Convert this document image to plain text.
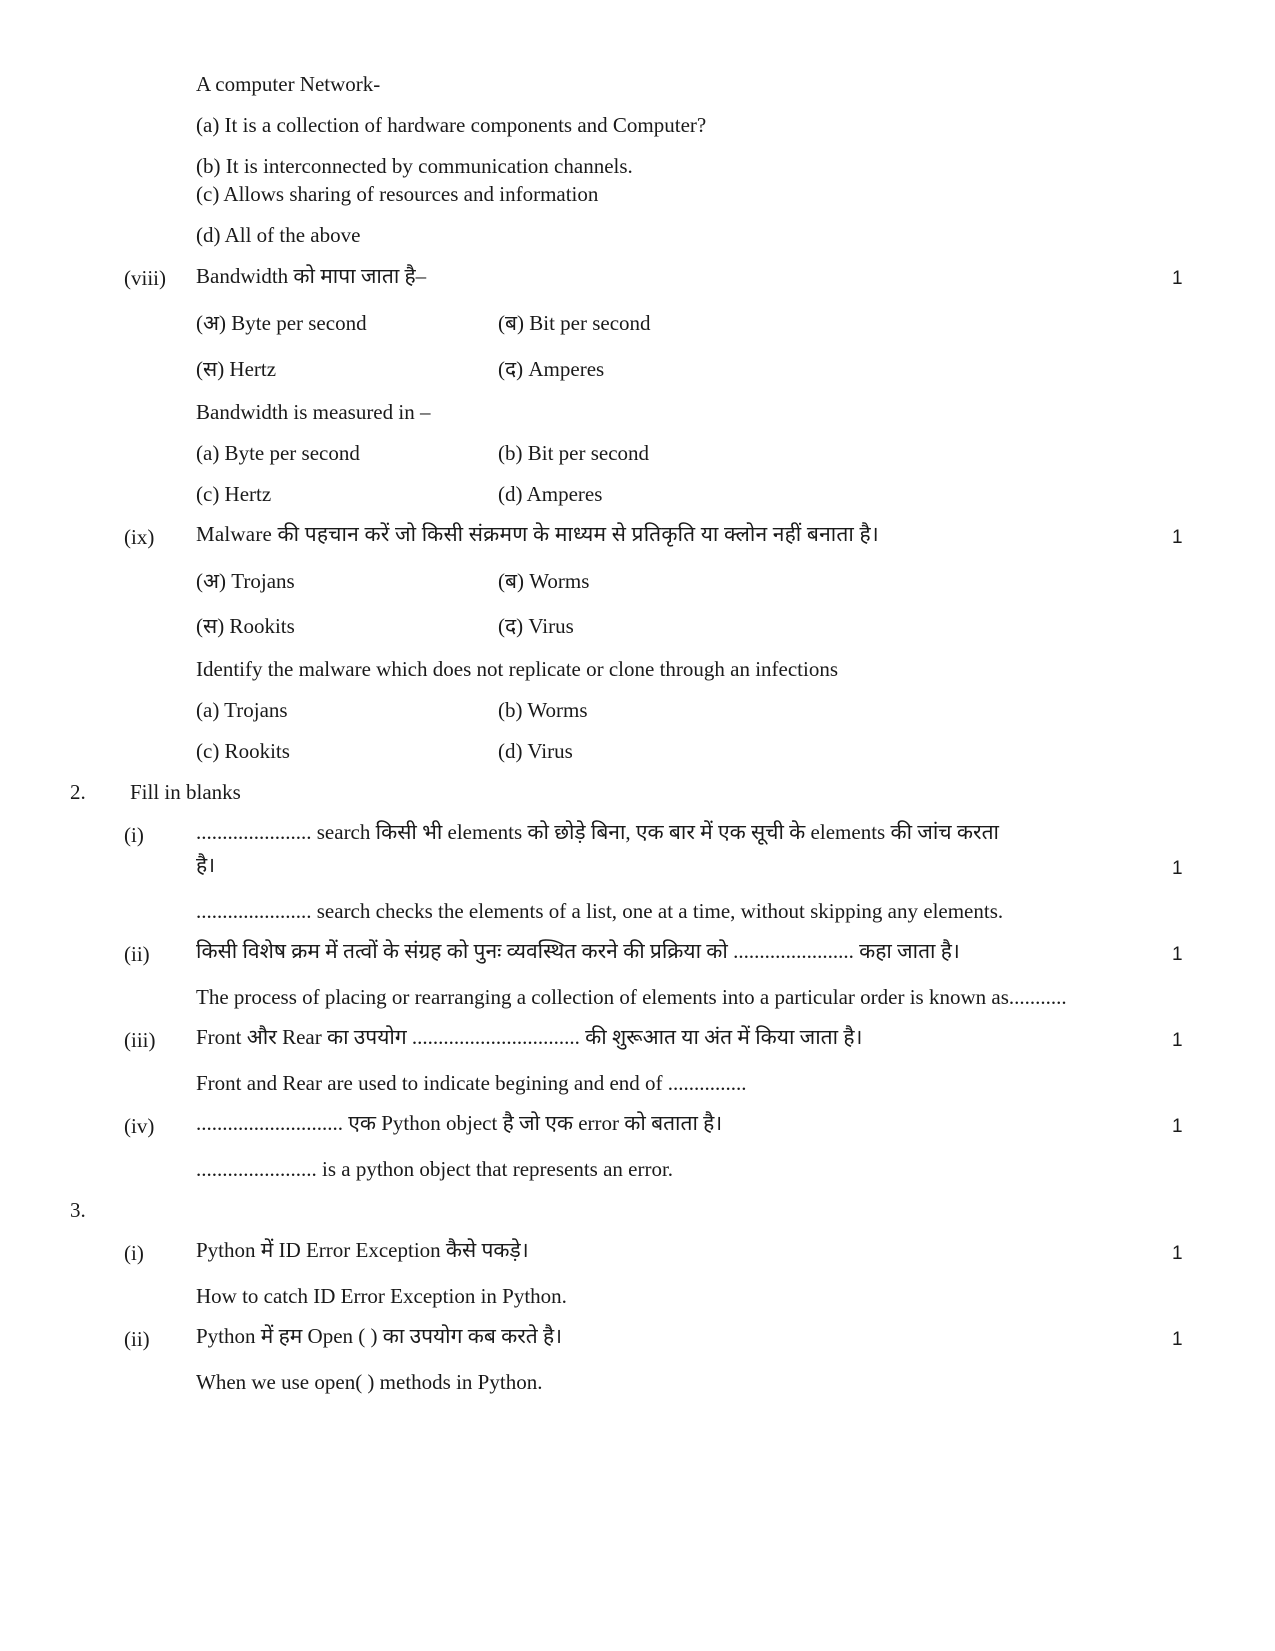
A computer Network-
(a) It is a collection of hardware components and Computer?
(b) It is interconnected by communication channels.
(c) Allows sharing of resources and information
(d) All of the above
(viii) Bandwidth को मापा जाता है–	1
(अ) Byte per second	(ब) Bit per second
(स) Hertz	(द) Amperes
Bandwidth is measured in –
(a) Byte per second	(b) Bit per second
(c) Hertz	(d) Amperes
(ix) Malware की पहचान करें जो किसी संक्रमण के माध्यम से प्रतिकृति या क्लोन नहीं बनाता है।	1
(अ) Trojans	(ब) Worms
(स) Rookits	(द) Virus
Identify the malware which does not replicate or clone through an infections
(a) Trojans	(b) Worms
(c) Rookits	(d) Virus
2. Fill in blanks
(i) ...................... search किसी भी elements को छोड़े बिना, एक बार में एक सूची के elements की जांच करता
है।	1
...................... search checks the elements of a list, one at a time, without skipping any elements.
(ii) किसी विशेष क्रम में तत्वों के संग्रह को पुनः व्यवस्थित करने की प्रक्रिया को ....................... कहा जाता है।	1
The process of placing or rearranging a collection of elements into a particular order is known as...........
(iii) Front और Rear का उपयोग ................................ की शुरूआत या अंत में किया जाता है।	1
Front and Rear are used to indicate begining and end of ...............
(iv) ............................ एक Python object है जो एक error को बताता है।	1
....................... is a python object that represents an error.
3.
(i) Python में ID Error Exception कैसे पकड़े।	1
How to catch ID Error Exception in Python.
(ii) Python में हम Open ( ) का उपयोग कब करते है।	1
When we use open( ) methods in Python.
